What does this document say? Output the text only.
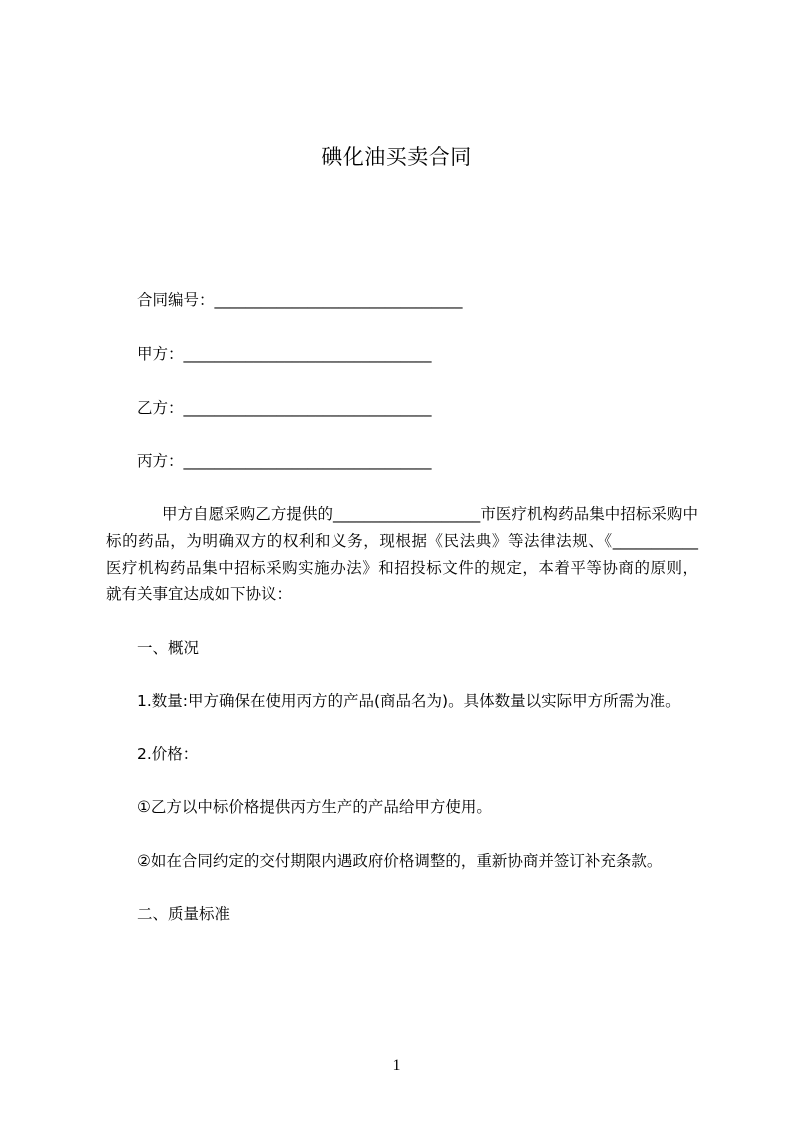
碘化油买卖合同
合同编号：________________________________
甲方：________________________________
乙方：________________________________
丙方：________________________________
甲方自愿采购乙方提供的___________________市医疗机构药品集中招标采购中
标的药品，为明确双方的权利和义务，现根据《民法典》等法律法规、《___________
医疗机构药品集中招标采购实施办法》和招投标文件的规定，本着平等协商的原则，
就有关事宜达成如下协议：
一、概况
1.数量:甲方确保在使用丙方的产品(商品名为)。具体数量以实际甲方所需为准。
2.价格：
①乙方以中标价格提供丙方生产的产品给甲方使用。
②如在合同约定的交付期限内遇政府价格调整的，重新协商并签订补充条款。
二、质量标准
1
